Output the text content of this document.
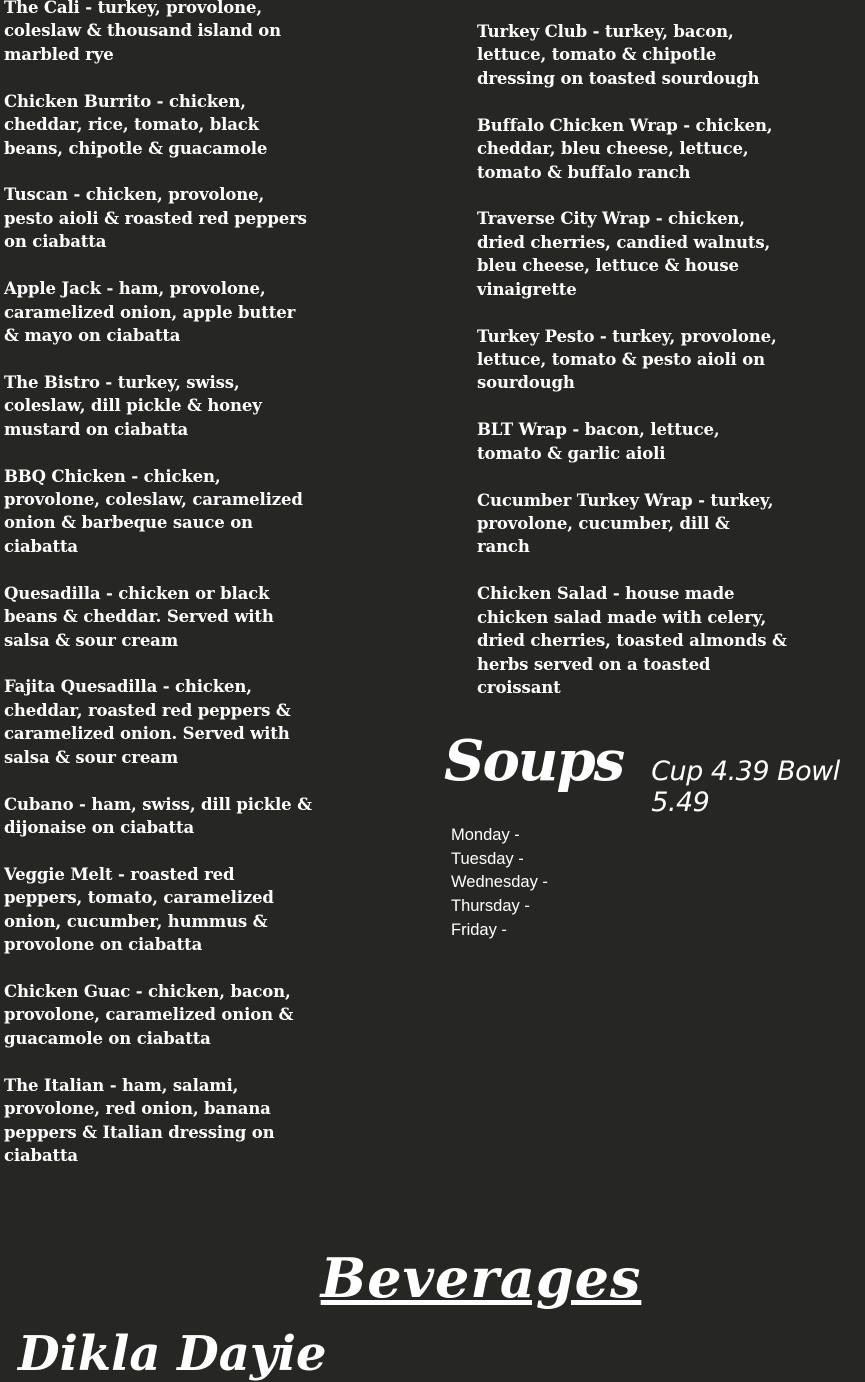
The Cali - turkey, provolone, coleslaw & thousand island on marbled rye

Chicken Burrito - chicken, cheddar, rice, tomato, black beans, chipotle & guacamole

Tuscan - chicken, provolone, pesto aioli & roasted red peppers on ciabatta

Apple Jack - ham, provolone, caramelized onion, apple butter & mayo on ciabatta

The Bistro - turkey, swiss, coleslaw, dill pickle & honey mustard on ciabatta

BBQ Chicken - chicken, provolone, coleslaw, caramelized onion & barbeque sauce on ciabatta

Quesadilla - chicken or black beans & cheddar. Served with salsa & sour cream

Fajita Quesadilla - chicken, cheddar, roasted red peppers & caramelized onion. Served with salsa & sour cream

Cubano - ham, swiss, dill pickle & dijonaise on ciabatta

Veggie Melt - roasted red peppers, tomato, caramelized onion, cucumber, hummus & provolone on ciabatta

Chicken Guac - chicken, bacon, provolone, caramelized onion & guacamole on ciabatta

The Italian - ham, salami, provolone, red onion, banana peppers & Italian dressing on ciabatta

Turkey Club - turkey, bacon, lettuce, tomato & chipotle dressing on toasted sourdough

Buffalo Chicken Wrap - chicken, cheddar, bleu cheese, lettuce, tomato & buffalo ranch

Traverse City Wrap - chicken, dried cherries, candied walnuts, bleu cheese, lettuce & house vinaigrette

Turkey Pesto - turkey, provolone, lettuce, tomato & pesto aioli on sourdough

BLT Wrap - bacon, lettuce, tomato & garlic aioli

Cucumber Turkey Wrap - turkey, provolone, cucumber, dill & ranch

Chicken Salad - house made chicken salad made with celery, dried cherries, toasted almonds & herbs served on a toasted croissant

Soups Cup 4.39 Bowl 5.49
Monday -
Tuesday -
Wednesday -
Thursday -
Friday -
Beverages
Dikla Dayie
